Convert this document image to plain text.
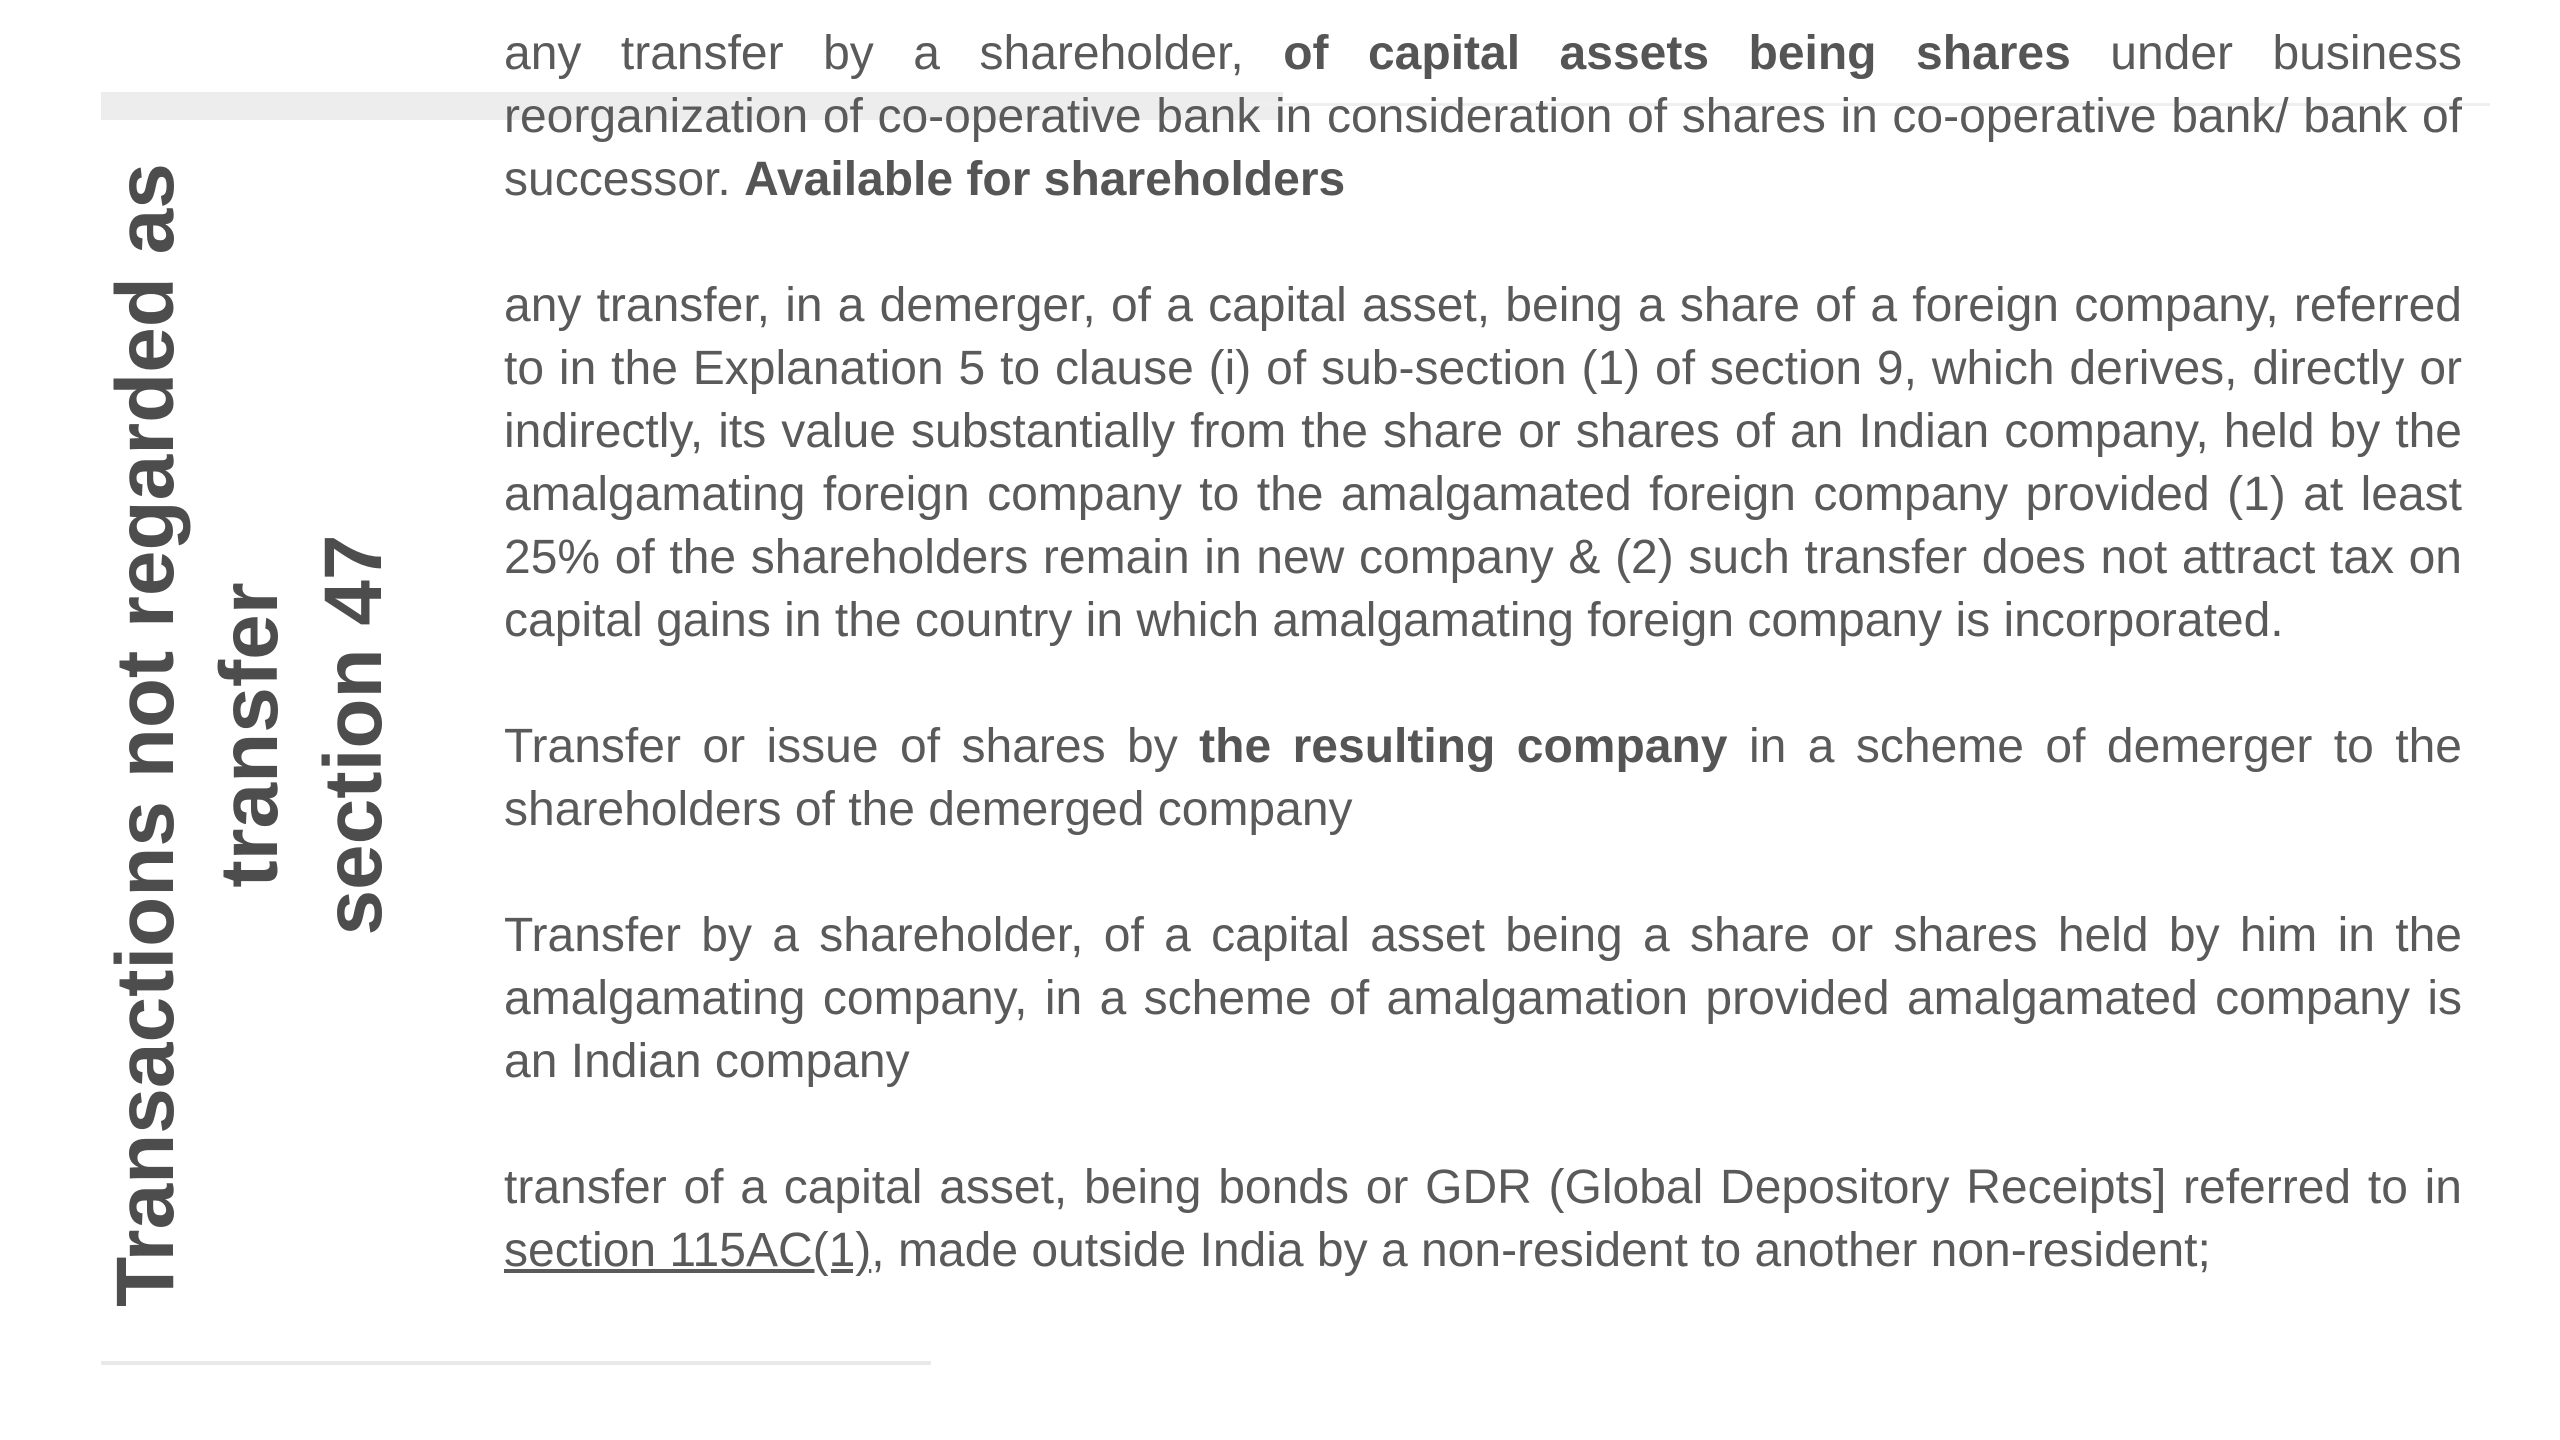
Transactions not regarded as transfer section 47

any transfer by a shareholder, of capital assets being shares under business reorganization of co-operative bank in consideration of shares in co-operative bank/ bank of successor. Available for shareholders

any transfer, in a demerger, of a capital asset, being a share of a foreign company, referred to in the Explanation 5 to clause (i) of sub-section (1) of section 9, which derives, directly or indirectly, its value substantially from the share or shares of an Indian company, held by the amalgamating foreign company to the amalgamated foreign company provided (1) at least 25% of the shareholders remain in new company & (2) such transfer does not attract tax on capital gains in the country in which amalgamating foreign company is incorporated.

Transfer or issue of shares by the resulting company in a scheme of demerger to the shareholders of the demerged company

Transfer by a shareholder, of a capital asset being a share or shares held by him in the amalgamating company, in a scheme of amalgamation provided amalgamated company is an Indian company

transfer of a capital asset, being bonds or GDR (Global Depository Receipts] referred to in section 115AC(1), made outside India by a non-resident to another non-resident;
